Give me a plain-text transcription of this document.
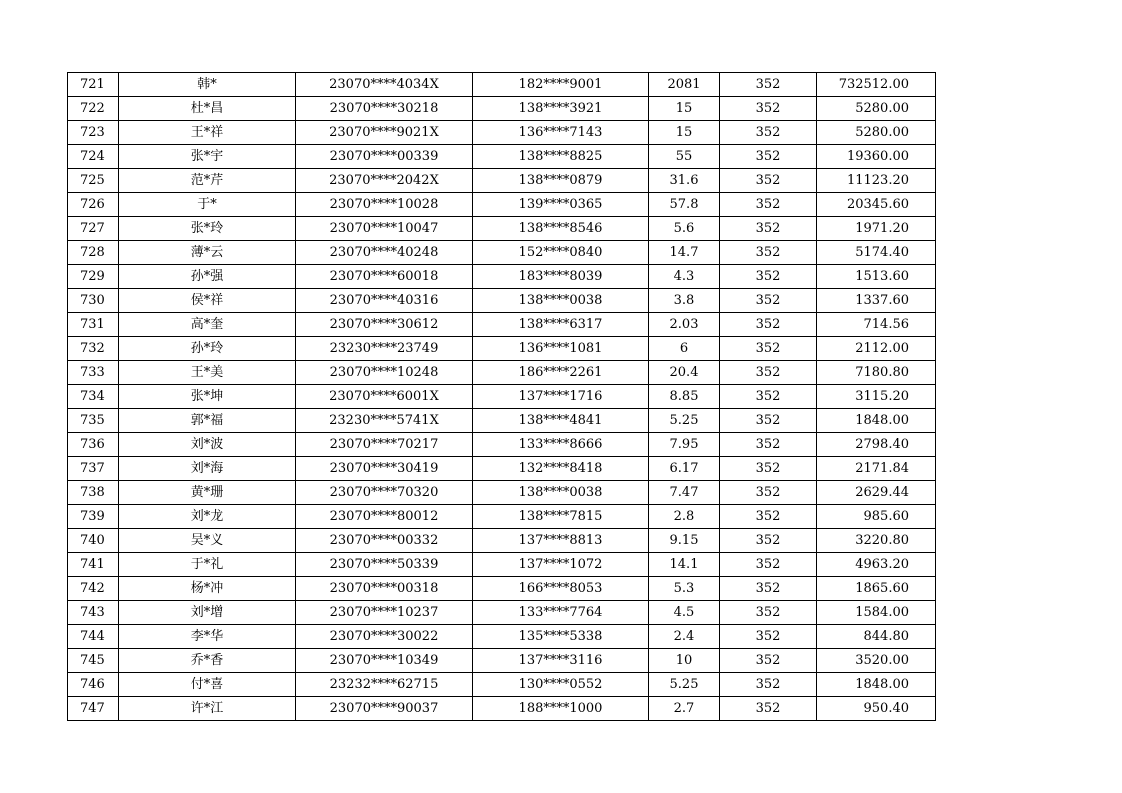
721	韩*	23070****4034X	182****9001	2081	352	732512.00
722	杜*昌	23070****30218	138****3921	15	352	5280.00
723	王*祥	23070****9021X	136****7143	15	352	5280.00
724	张*宇	23070****00339	138****8825	55	352	19360.00
725	范*芹	23070****2042X	138****0879	31.6	352	11123.20
726	于*	23070****10028	139****0365	57.8	352	20345.60
727	张*玲	23070****10047	138****8546	5.6	352	1971.20
728	薄*云	23070****40248	152****0840	14.7	352	5174.40
729	孙*强	23070****60018	183****8039	4.3	352	1513.60
730	侯*祥	23070****40316	138****0038	3.8	352	1337.60
731	高*奎	23070****30612	138****6317	2.03	352	714.56
732	孙*玲	23230****23749	136****1081	6	352	2112.00
733	王*美	23070****10248	186****2261	20.4	352	7180.80
734	张*坤	23070****6001X	137****1716	8.85	352	3115.20
735	郭*福	23230****5741X	138****4841	5.25	352	1848.00
736	刘*波	23070****70217	133****8666	7.95	352	2798.40
737	刘*海	23070****30419	132****8418	6.17	352	2171.84
738	黄*珊	23070****70320	138****0038	7.47	352	2629.44
739	刘*龙	23070****80012	138****7815	2.8	352	985.60
740	吴*义	23070****00332	137****8813	9.15	352	3220.80
741	于*礼	23070****50339	137****1072	14.1	352	4963.20
742	杨*冲	23070****00318	166****8053	5.3	352	1865.60
743	刘*增	23070****10237	133****7764	4.5	352	1584.00
744	李*华	23070****30022	135****5338	2.4	352	844.80
745	乔*香	23070****10349	137****3116	10	352	3520.00
746	付*喜	23232****62715	130****0552	5.25	352	1848.00
747	许*江	23070****90037	188****1000	2.7	352	950.40
